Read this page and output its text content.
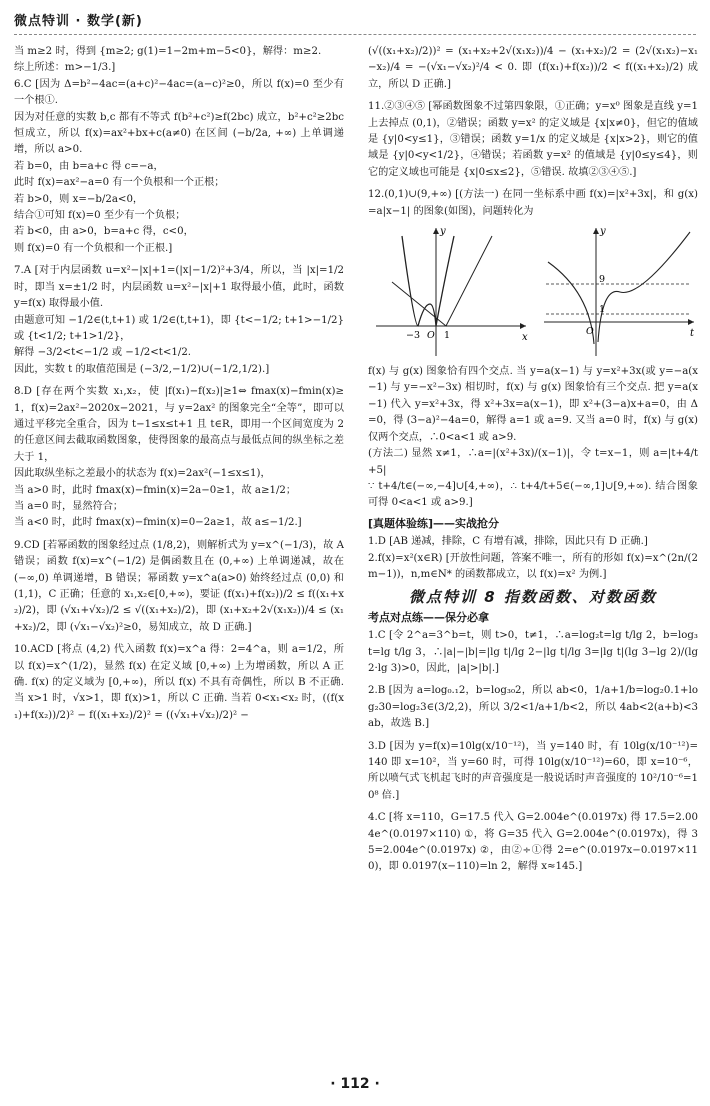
微点特训 · 数学(新)

当 m≥2 时，得到 {m≥2; g(1)=1−2m+m−5<0}，解得：m≥2.

综上所述：m>−1/3.]

6.C [因为 Δ=b²−4ac=(a+c)²−4ac=(a−c)²≥0，所以 f(x)=0 至少有一个根①.

因为对任意的实数 b,c 都有不等式 f(b²+c²)≥f(2bc) 成立，b²+c²≥2bc 恒成立，所以 f(x)=ax²+bx+c(a≠0) 在区间 (−b/2a, +∞) 上单调递增，所以 a>0.

若 b=0，由 b=a+c 得 c=−a，

此时 f(x)=ax²−a=0 有一个负根和一个正根；

若 b>0，则 x=−b/2a<0，

结合①可知 f(x)=0 至少有一个负根；

若 b<0，由 a>0，b=a+c 得，c<0，

则 f(x)=0 有一个负根和一个正根.]

7.A [对于内层函数 u=x²−|x|+1=(|x|−1/2)²+3/4，所以，当 |x|=1/2 时，即当 x=±1/2 时，内层函数 u=x²−|x|+1 取得最小值，此时，函数 y=f(x) 取得最小值.

由题意可知 −1/2∈(t,t+1) 或 1/2∈(t,t+1)，即 {t<−1/2; t+1>−1/2} 或 {t<1/2; t+1>1/2}，

解得 −3/2<t<−1/2 或 −1/2<t<1/2.

因此，实数 t 的取值范围是 (−3/2,−1/2)∪(−1/2,1/2).]

8.D [存在两个实数 x₁,x₂，使 |f(x₁)−f(x₂)|≥1⇔ fmax(x)−fmin(x)≥1，f(x)=2ax²−2020x−2021，与 y=2ax² 的图象完全“全等”，即可以通过平移完全重合，因为 t−1≤x≤t+1 且 t∈R，即用一个区间宽度为 2 的任意区间去截取函数图象，使得图象的最高点与最低点间的纵坐标之差大于 1，

因此取纵坐标之差最小的状态为 f(x)=2ax²(−1≤x≤1)，

当 a>0 时，此时 fmax(x)−fmin(x)=2a−0≥1，故 a≥1/2；

当 a=0 时，显然符合；

当 a<0 时，此时 fmax(x)−fmin(x)=0−2a≥1，故 a≤−1/2.]

9.CD [若幂函数的图象经过点 (1/8,2)，则解析式为 y=x^(−1/3)，故 A 错误；函数 f(x)=x^(−1/2) 是偶函数且在 (0,+∞) 上单调递减，故在 (−∞,0) 单调递增，B 错误；幂函数 y=x^a(a>0) 始终经过点 (0,0) 和 (1,1)，C 正确；任意的 x₁,x₂∈[0,+∞)，要证 (f(x₁)+f(x₂))/2 ≤ f((x₁+x₂)/2)，即 (√x₁+√x₂)/2 ≤ √((x₁+x₂)/2)，即 (x₁+x₂+2√(x₁x₂))/4 ≤ (x₁+x₂)/2，即 (√x₁−√x₂)²≥0，易知成立，故 D 正确.]

10.ACD [将点 (4,2) 代入函数 f(x)=x^a 得：2=4^a，则 a=1/2，所以 f(x)=x^(1/2)，显然 f(x) 在定义域 [0,+∞) 上为增函数，所以 A 正确. f(x) 的定义域为 [0,+∞)，所以 f(x) 不具有奇偶性，所以 B 不正确. 当 x>1 时，√x>1，即 f(x)>1，所以 C 正确. 当若 0<x₁<x₂ 时，((f(x₁)+f(x₂))/2)² − f((x₁+x₂)/2)² = ((√x₁+√x₂)/2)² −

(√((x₁+x₂)/2))² = (x₁+x₂+2√(x₁x₂))/4 − (x₁+x₂)/2 = (2√(x₁x₂)−x₁−x₂)/4 = −(√x₁−√x₂)²/4 < 0. 即 (f(x₁)+f(x₂))/2 < f((x₁+x₂)/2) 成立，所以 D 正确.]

11.②③④⑤ [幂函数图象不过第四象限，①正确；y=x⁰ 图象是直线 y=1 上去掉点 (0,1)，②错误；函数 y=x² 的定义域是 {x|x≠0}，但它的值域是 {y|0<y≤1}，③错误；函数 y=1/x 的定义域是 {x|x>2}，则它的值域是 {y|0<y<1/2}，④错误；若函数 y=x² 的值域是 {y|0≤y≤4}，则它的定义域也可能是 {x|0≤x≤2}，⑤错误. 故填②③④⑤.]

12.(0,1)∪(9,+∞) [(方法一) 在同一坐标系中画 f(x)=|x²+3x|，和 g(x)=a|x−1| 的图象(如图)，问题转化为

x
y
−3 O 1	t
y
9
1
O

f(x) 与 g(x) 图象恰有四个交点. 当 y=a(x−1) 与 y=x²+3x(或 y=−a(x−1) 与 y=−x²−3x) 相切时，f(x) 与 g(x) 图象恰有三个交点. 把 y=a(x−1) 代入 y=x²+3x，得 x²+3x=a(x−1)，即 x²+(3−a)x+a=0，由 Δ=0，得 (3−a)²−4a=0，解得 a=1 或 a=9. 又当 a=0 时，f(x) 与 g(x) 仅两个交点，∴0<a<1 或 a>9.

(方法二) 显然 x≠1，∴a=|(x²+3x)/(x−1)|，令 t=x−1，则 a=|t+4/t+5|

∵ t+4/t∈(−∞,−4]∪[4,+∞)，∴ t+4/t+5∈(−∞,1]∪[9,+∞). 结合图象可得 0<a<1 或 a>9.]

[真题体验练]——实战抢分

1.D [AB 递减，排除，C 有增有减，排除，因此只有 D 正确.]

2.f(x)=x²(x∈R) [开放性问题，答案不唯一，所有的形如 f(x)=x^(2n/(2m−1))，n,m∈N* 的函数都成立，以 f(x)=x² 为例.]

微点特训 8 指数函数、对数函数
考点对点练——保分必拿

1.C [令 2^a=3^b=t，则 t>0，t≠1，∴a=log₂t=lg t/lg 2，b=log₃t=lg t/lg 3，∴|a|−|b|=|lg t|/lg 2−|lg t|/lg 3=|lg t|(lg 3−lg 2)/(lg 2·lg 3)>0，因此，|a|>|b|.]

2.B [因为 a=log₀.₁2，b=log₃₀2，所以 ab<0，1/a+1/b=log₂0.1+log₂30=log₂3∈(3/2,2)，所以 3/2<1/a+1/b<2，所以 4ab<2(a+b)<3ab，故选 B.]

3.D [因为 y=f(x)=10lg(x/10⁻¹²)，当 y=140 时，有 10lg(x/10⁻¹²)=140 即 x=10²，当 y=60 时，可得 10lg(x/10⁻¹²)=60，即 x=10⁻⁶，所以喷气式飞机起飞时的声音强度是一般说话时声音强度的 10²/10⁻⁶=10⁸ 倍.]

4.C [将 x=110，G=17.5 代入 G=2.004e^(0.0197x) 得 17.5=2.004e^(0.0197×110) ①，将 G=35 代入 G=2.004e^(0.0197x)，得 35=2.004e^(0.0197x) ②，由②÷①得 2=e^(0.0197x−0.0197×110)，即 0.0197(x−110)=ln 2，解得 x≈145.]

· 112 ·
